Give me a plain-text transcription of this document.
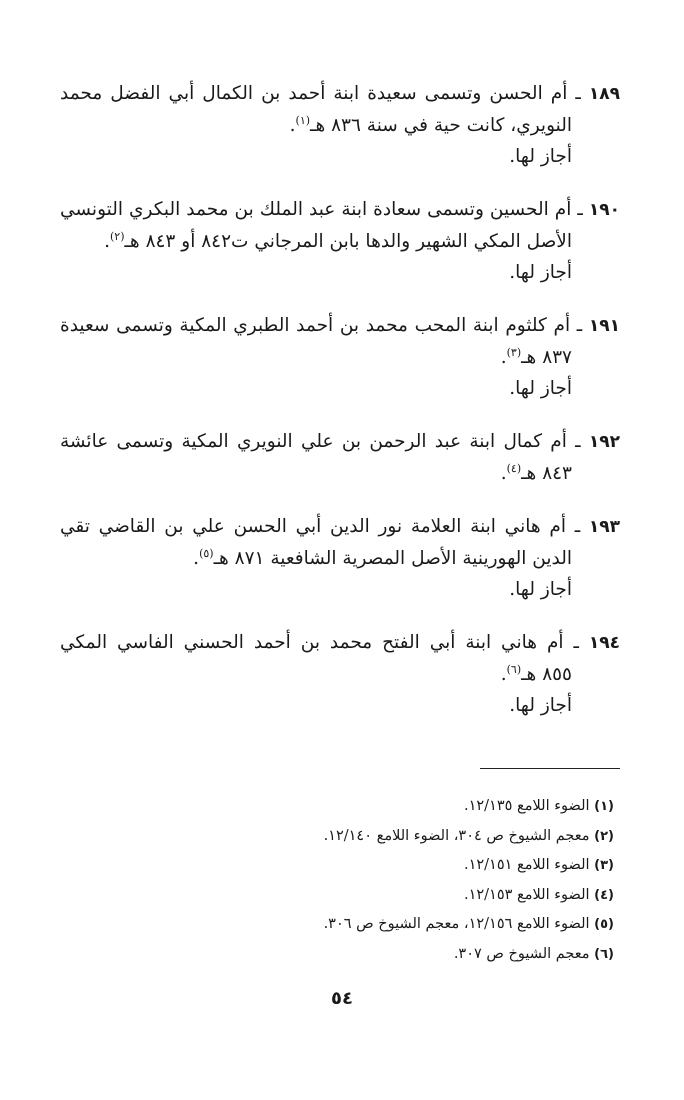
١٨٩ ـ أم الحسن وتسمى سعيدة ابنة أحمد بن الكمال أبي الفضل محمد
النويري، كانت حية في سنة ٨٣٦ هـ$^{(١)}$.
أجاز لها.
١٩٠ ـ أم الحسين وتسمى سعادة ابنة عبد الملك بن محمد البكري التونسي
الأصل المكي الشهير والدها بابن المرجاني ت٨٤٢ أو ٨٤٣ هـ$^{(٢)}$.
أجاز لها.
١٩١ ـ أم كلثوم ابنة المحب محمد بن أحمد الطبري المكية وتسمى سعيدة
٨٣٧ هـ$^{(٣)}$.
أجاز لها.
١٩٢ ـ أم كمال ابنة عبد الرحمن بن علي النويري المكية وتسمى عائشة
٨٤٣ هـ$^{(٤)}$.
١٩٣ ـ أم هاني ابنة العلامة نور الدين أبي الحسن علي بن القاضي تقي
الدين الهورينية الأصل المصرية الشافعية ٨٧١ هـ$^{(٥)}$.
أجاز لها.
١٩٤ ـ أم هاني ابنة أبي الفتح محمد بن أحمد الحسني الفاسي المكي
٨٥٥ هـ$^{(٦)}$.
أجاز لها.
(١) الضوء اللامع ١٢/١٣٥.
(٢) معجم الشيوخ ص ٣٠٤، الضوء اللامع ١٢/١٤٠.
(٣) الضوء اللامع ١٢/١٥١.
(٤) الضوء اللامع ١٢/١٥٣.
(٥) الضوء اللامع ١٢/١٥٦، معجم الشيوخ ص ٣٠٦.
(٦) معجم الشيوخ ص ٣٠٧.
٥٤
